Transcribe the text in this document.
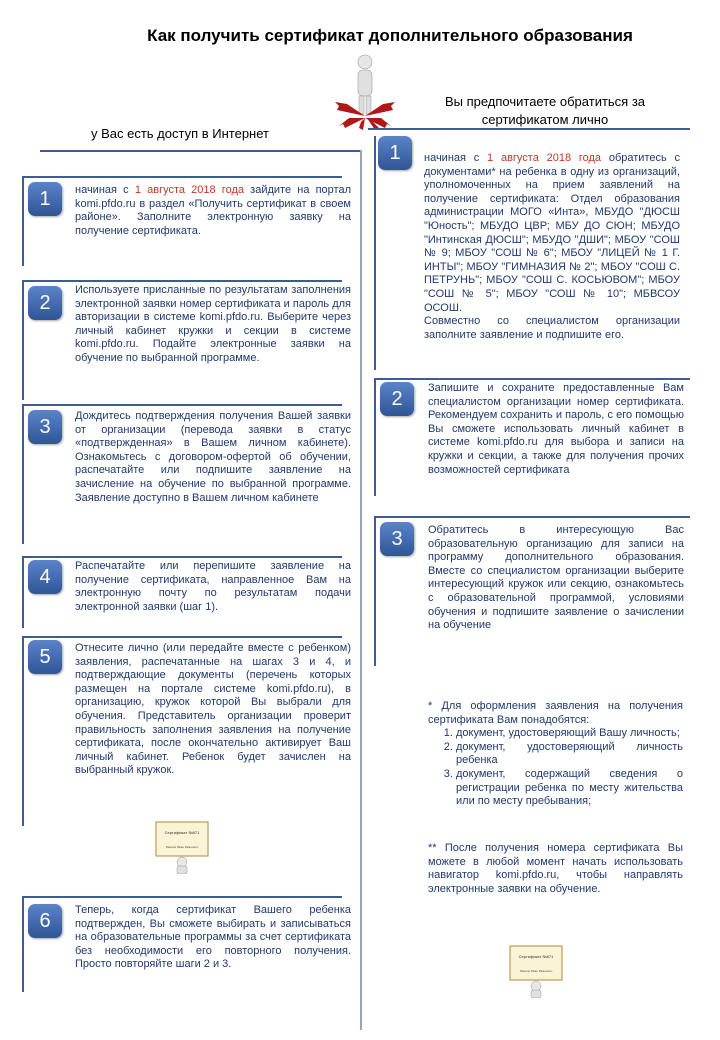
Как получить сертификат дополнительного образования
у Вас есть доступ в Интернет
Вы предпочитаете обратиться за сертификатом лично
1	начиная с 1 августа 2018 года зайдите на портал komi.pfdo.ru в раздел «Получить сертификат в своем районе». Заполните электронную заявку на получение сертификата.
2
Используете присланные по результатам заполнения электронной заявки номер сертификата и пароль для авторизации в системе komi.pfdo.ru. Выберите через личный кабинет кружки и секции в системе komi.pfdo.ru. Подайте электронные заявки на обучение по выбранной программе.
3	Дождитесь подтверждения получения Вашей заявки от организации (перевода заявки в статус «подтвержденная» в Вашем личном кабинете). Ознакомьтесь с договором-офертой об обучении, распечатайте или подпишите заявление на зачисление на обучение по выбранной программе. Заявление доступно в Вашем личном кабинете
4	Распечатайте или перепишите заявление на получение сертификата, направленное Вам на электронную почту по результатам подачи электронной заявки (шаг 1).
5	Отнесите лично (или передайте вместе с ребенком) заявления, распечатанные на шагах 3 и 4, и подтверждающие документы (перечень которых размещен на портале системе komi.pfdo.ru), в организацию, кружок которой Вы выбрали для обучения. Представитель организации проверит правильность заполнения заявления на получение сертификата, после окончательно активирует Ваш личный кабинет. Ребенок будет зачислен на выбранный кружок.
Сертификат №871
Иванов Иван Иванович
6	Теперь, когда сертификат Вашего ребенка подтвержден, Вы сможете выбирать и записываться на образовательные программы за счет сертификата без необходимости его повторного получения. Просто повторяйте шаги 2 и 3.
1	начиная с 1 августа 2018 года обратитесь с документами* на ребенка в одну из организаций, уполномоченных на прием заявлений на получение сертификата: Отдел образования администрации МОГО «Инта», МБУДО "ДЮСШ "Юность"; МБУДО ЦВР; МБУ ДО СЮН; МБУДО "Интинская ДЮСШ"; МБУДО "ДШИ"; МБОУ "СОШ № 9; МБОУ "СОШ № 6"; МБОУ "ЛИЦЕЙ № 1 Г. ИНТЫ"; МБОУ "ГИМНАЗИЯ № 2"; МБОУ "СОШ С. ПЕТРУНЬ"; МБОУ "СОШ С. КОСЬЮВОМ"; МБОУ "СОШ № 5"; МБОУ "СОШ № 10"; МБВСОУ ОСОШ.
Совместно со специалистом организации заполните заявление и подпишите его.
2	Запишите и сохраните предоставленные Вам специалистом организации номер сертификата. Рекомендуем сохранить и пароль, с его помощью Вы сможете использовать личный кабинет в системе komi.pfdo.ru для выбора и записи на кружки и секции, а также для получения прочих возможностей сертификата
3	Обратитесь в интересующую Вас образовательную организацию для записи на программу дополнительного образования. Вместе со специалистом организации выберите интересующий кружок или секцию, ознакомьтесь с образовательной программой, условиями обучения и подпишите заявление о зачислении на обучение
* Для оформления заявления на получения сертификата Вам понадобятся:
1. документ, удостоверяющий Вашу личность;
2. документ, удостоверяющий личность ребенка
3. документ, содержащий сведения о регистрации ребенка по месту жительства или по месту пребывания;
** После получения номера сертификата Вы можете в любой момент начать использовать навигатор komi.pfdo.ru, чтобы направлять электронные заявки на обучение.
Сертификат №871
Иванов Иван Иванович
